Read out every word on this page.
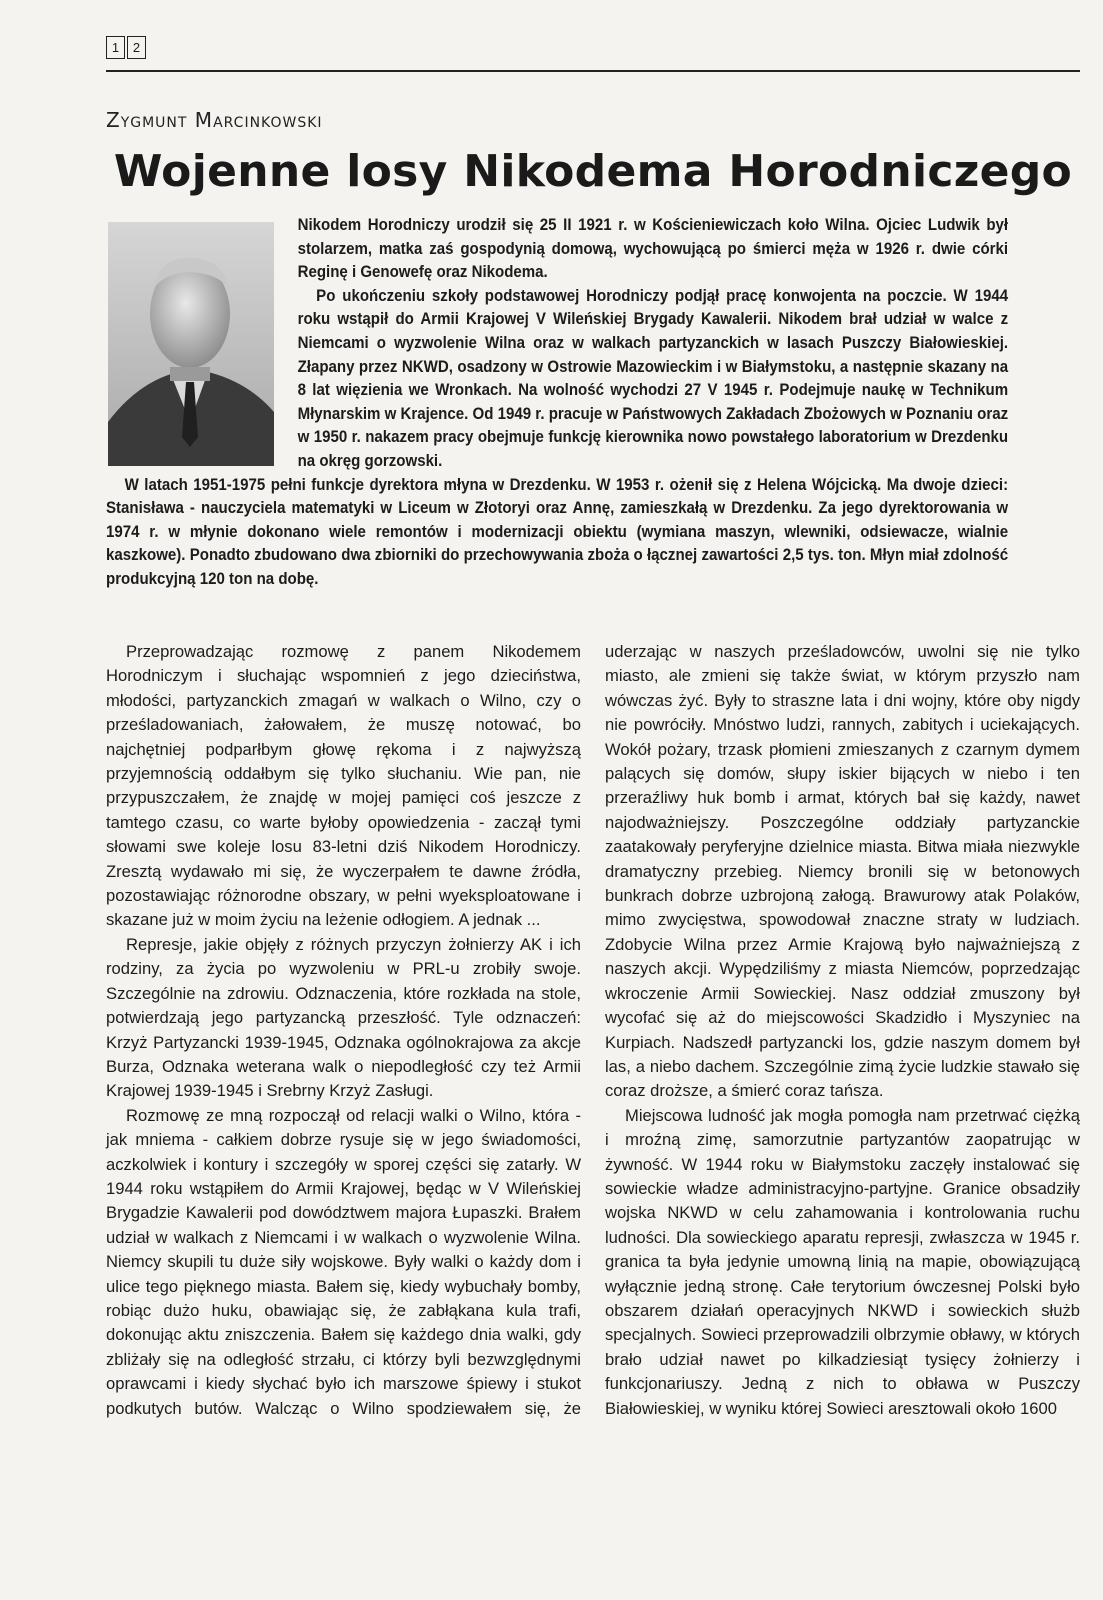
1	2
Zygmunt Marcinkowski
Wojenne losy Nikodema Horodniczego

Nikodem Horodniczy urodził się 25 II 1921 r. w Kościeniewiczach koło Wilna. Ojciec Ludwik był stolarzem, matka zaś gospodynią domową, wychowującą po śmierci męża w 1926 r. dwie córki Reginę i Genowefę oraz Nikodema.

Po ukończeniu szkoły podstawowej Horodniczy podjął pracę konwojenta na poczcie. W 1944 roku wstąpił do Armii Krajowej V Wileńskiej Brygady Kawalerii. Nikodem brał udział w walce z Niemcami o wyzwolenie Wilna oraz w walkach partyzanckich w lasach Puszczy Białowieskiej. Złapany przez NKWD, osadzony w Ostrowie Mazowieckim i w Białymstoku, a następnie skazany na 8 lat więzienia we Wronkach. Na wolność wychodzi 27 V 1945 r. Podejmuje naukę w Technikum Młynarskim w Krajence. Od 1949 r. pracuje w Państwowych Zakładach Zbożowych w Poznaniu oraz w 1950 r. nakazem pracy obejmuje funkcję kierownika nowo powstałego laboratorium w Drezdenku na okręg gorzowski.

W latach 1951-1975 pełni funkcje dyrektora młyna w Drezdenku. W 1953 r. ożenił się z Helena Wójcicką. Ma dwoje dzieci: Stanisława - nauczyciela matematyki w Liceum w Złotoryi oraz Annę, zamieszkałą w Drezdenku. Za jego dyrektorowania w 1974 r. w młynie dokonano wiele remontów i modernizacji obiektu (wymiana maszyn, wlewniki, odsiewacze, wialnie kaszkowe). Ponadto zbudowano dwa zbiorniki do przechowywania zboża o łącznej zawartości 2,5 tys. ton. Młyn miał zdolność produkcyjną 120 ton na dobę.

Przeprowadzając rozmowę z panem Nikodemem Horodniczym i słuchając wspomnień z jego dzieciństwa, młodości, partyzanckich zmagań w walkach o Wilno, czy o prześladowaniach, żałowałem, że muszę notować, bo najchętniej podparłbym głowę rękoma i z najwyższą przyjemnością oddałbym się tylko słuchaniu. Wie pan, nie przypuszczałem, że znajdę w mojej pamięci coś jeszcze z tamtego czasu, co warte byłoby opowiedzenia - zaczął tymi słowami swe koleje losu 83-letni dziś Nikodem Horodniczy. Zresztą wydawało mi się, że wyczerpałem te dawne źródła, pozostawiając różnorodne obszary, w pełni wyeksploatowane i skazane już w moim życiu na leżenie odłogiem. A jednak ...

Represje, jakie objęły z różnych przyczyn żołnierzy AK i ich rodziny, za życia po wyzwoleniu w PRL-u zrobiły swoje. Szczególnie na zdrowiu. Odznaczenia, które rozkłada na stole, potwierdzają jego partyzancką przeszłość. Tyle odznaczeń: Krzyż Partyzancki 1939-1945, Odznaka ogólnokrajowa za akcje Burza, Odznaka weterana walk o niepodległość czy też Armii Krajowej 1939-1945 i Srebrny Krzyż Zasługi.

Rozmowę ze mną rozpoczął od relacji walki o Wilno, która - jak mniema - całkiem dobrze rysuje się w jego świadomości, aczkolwiek i kontury i szczegóły w sporej części się zatarły. W 1944 roku wstąpiłem do Armii Krajowej, będąc w V Wileńskiej Brygadzie Kawalerii pod dowództwem majora Łupaszki. Brałem udział w walkach z Niemcami i w walkach o wyzwolenie Wilna. Niemcy skupili tu duże siły wojskowe. Były walki o każdy dom i ulice tego pięknego miasta. Bałem się, kiedy wybuchały bomby, robiąc dużo huku, obawiając się, że zabłąkana kula trafi, dokonując aktu zniszczenia. Bałem się każdego dnia walki, gdy zbliżały się na odległość strzału, ci którzy byli bezwzględnymi oprawcami i kiedy słychać było ich marszowe śpiewy i stukot podkutych butów. Walcząc o Wilno spodziewałem się, że uderzając w naszych prześladowców, uwolni się nie tylko miasto, ale zmieni się także świat, w którym przyszło nam wówczas żyć. Były to straszne lata i dni wojny, które oby nigdy nie powróciły. Mnóstwo ludzi, rannych, zabitych i uciekających. Wokół pożary, trzask płomieni zmieszanych z czarnym dymem palących się domów, słupy iskier bijących w niebo i ten przeraźliwy huk bomb i armat, których bał się każdy, nawet najodważniejszy. Poszczególne oddziały partyzanckie zaatakowały peryferyjne dzielnice miasta. Bitwa miała niezwykle dramatyczny przebieg. Niemcy bronili się w betonowych bunkrach dobrze uzbrojoną załogą. Brawurowy atak Polaków, mimo zwycięstwa, spowodował znaczne straty w ludziach. Zdobycie Wilna przez Armie Krajową było najważniejszą z naszych akcji. Wypędziliśmy z miasta Niemców, poprzedzając wkroczenie Armii Sowieckiej. Nasz oddział zmuszony był wycofać się aż do miejscowości Skadzidło i Myszyniec na Kurpiach. Nadszedł partyzancki los, gdzie naszym domem był las, a niebo dachem. Szczególnie zimą życie ludzkie stawało się coraz droższe, a śmierć coraz tańsza.

Miejscowa ludność jak mogła pomogła nam przetrwać ciężką i mroźną zimę, samorzutnie partyzantów zaopatrując w żywność. W 1944 roku w Białymstoku zaczęły instalować się sowieckie władze administracyjno-partyjne. Granice obsadziły wojska NKWD w celu zahamowania i kontrolowania ruchu ludności. Dla sowieckiego aparatu represji, zwłaszcza w 1945 r. granica ta była jedynie umowną linią na mapie, obowiązującą wyłącznie jedną stronę. Całe terytorium ówczesnej Polski było obszarem działań operacyjnych NKWD i sowieckich służb specjalnych. Sowieci przeprowadzili olbrzymie obławy, w których brało udział nawet po kilkadziesiąt tysięcy żołnierzy i funkcjonariuszy. Jedną z nich to obława w Puszczy Białowieskiej, w wyniku której Sowieci aresztowali około 1600
